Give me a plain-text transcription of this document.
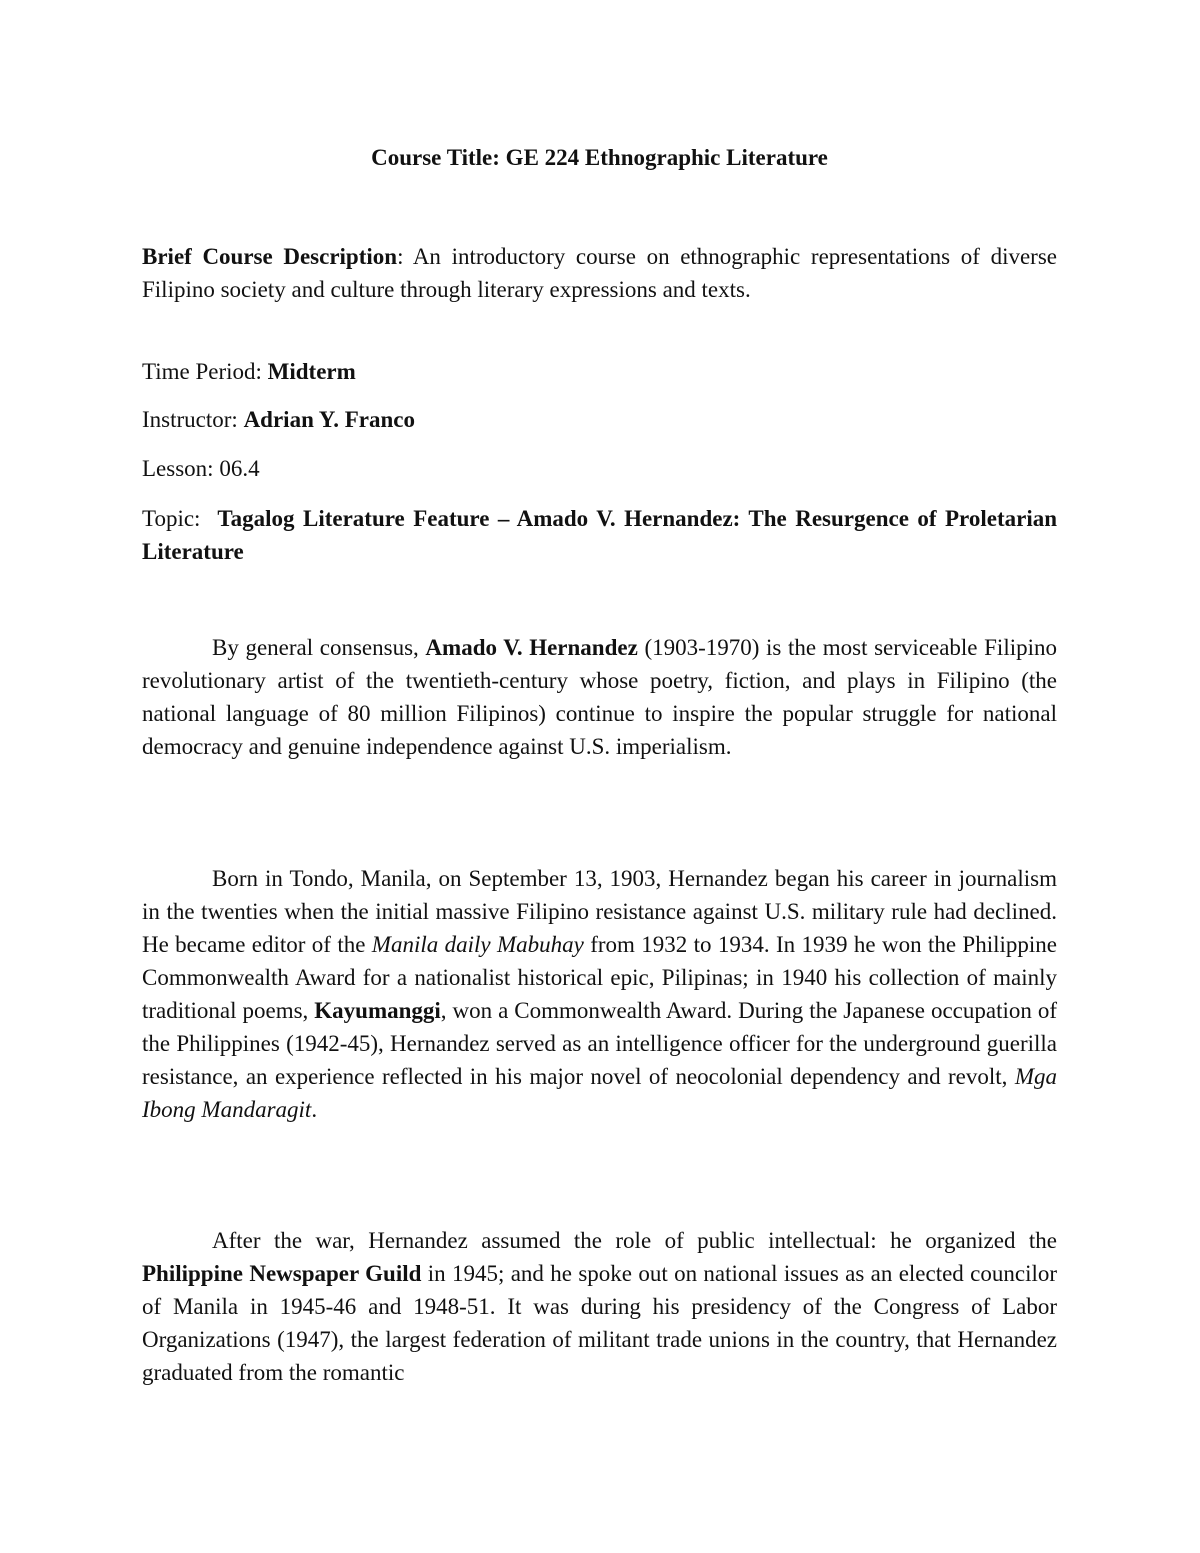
Course Title: GE 224 Ethnographic Literature

Brief Course Description: An introductory course on ethnographic representations of diverse Filipino society and culture through literary expressions and texts.

Time Period: Midterm

Instructor: Adrian Y. Franco

Lesson: 06.4

Topic:  Tagalog Literature Feature – Amado V. Hernandez: The Resurgence of Proletarian Literature

By general consensus, Amado V. Hernandez (1903-1970) is the most serviceable Filipino revolutionary artist of the twentieth-century whose poetry, fiction, and plays in Filipino (the national language of 80 million Filipinos) continue to inspire the popular struggle for national democracy and genuine independence against U.S. imperialism.

Born in Tondo, Manila, on September 13, 1903, Hernandez began his career in journalism in the twenties when the initial massive Filipino resistance against U.S. military rule had declined. He became editor of the Manila daily Mabuhay from 1932 to 1934. In 1939 he won the Philippine Commonwealth Award for a nationalist historical epic, Pilipinas; in 1940 his collection of mainly traditional poems, Kayumanggi, won a Commonwealth Award. During the Japanese occupation of the Philippines (1942-45), Hernandez served as an intelligence officer for the underground guerilla resistance, an experience reflected in his major novel of neocolonial dependency and revolt, Mga Ibong Mandaragit.

After the war, Hernandez assumed the role of public intellectual: he organized the Philippine Newspaper Guild in 1945; and he spoke out on national issues as an elected councilor of Manila in 1945-46 and 1948-51. It was during his presidency of the Congress of Labor Organizations (1947), the largest federation of militant trade unions in the country, that Hernandez graduated from the romantic
